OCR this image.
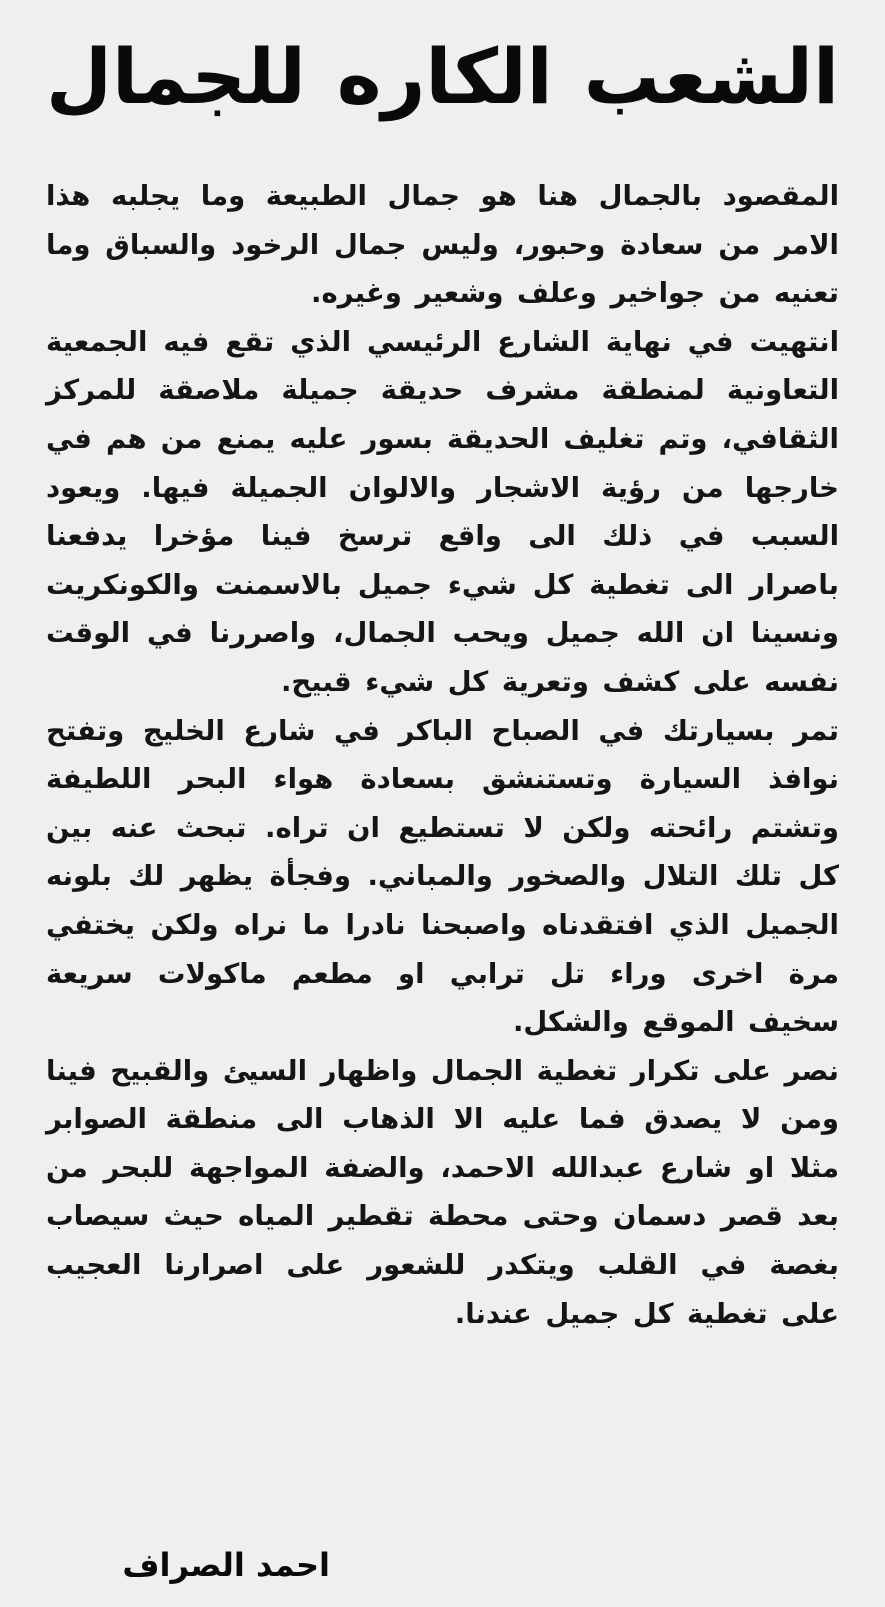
الشعب الكاره للجمال

المقصود بالجمال هنا هو جمال الطبيعة وما يجلبه هذا الامر من سعادة وحبور، وليس جمال الرخود والسباق وما تعنيه من جواخير وعلف وشعير وغيره.

انتهيت في نهاية الشارع الرئيسي الذي تقع فيه الجمعية التعاونية لمنطقة مشرف حديقة جميلة ملاصقة للمركز الثقافي، وتم تغليف الحديقة بسور عليه يمنع من هم في خارجها من رؤية الاشجار والالوان الجميلة فيها. ويعود السبب في ذلك الى واقع ترسخ فينا مؤخرا يدفعنا باصرار الى تغطية كل شيء جميل بالاسمنت والكونكريت ونسينا ان الله جميل ويحب الجمال، واصررنا في الوقت نفسه على كشف وتعرية كل شيء قبيح.

تمر بسيارتك في الصباح الباكر في شارع الخليج وتفتح نوافذ السيارة وتستنشق بسعادة هواء البحر اللطيفة وتشتم رائحته ولكن لا تستطيع ان تراه. تبحث عنه بين كل تلك التلال والصخور والمباني. وفجأة يظهر لك بلونه الجميل الذي افتقدناه واصبحنا نادرا ما نراه ولكن يختفي مرة اخرى وراء تل ترابي او مطعم ماكولات سريعة سخيف الموقع والشكل.

نصر على تكرار تغطية الجمال واظهار السيئ والقبيح فينا ومن لا يصدق فما عليه الا الذهاب الى منطقة الصوابر مثلا او شارع عبدالله الاحمد، والضفة المواجهة للبحر من بعد قصر دسمان وحتى محطة تقطير المياه حيث سيصاب بغصة في القلب ويتكدر للشعور على اصرارنا العجيب على تغطية كل جميل عندنا.

احمد الصراف
